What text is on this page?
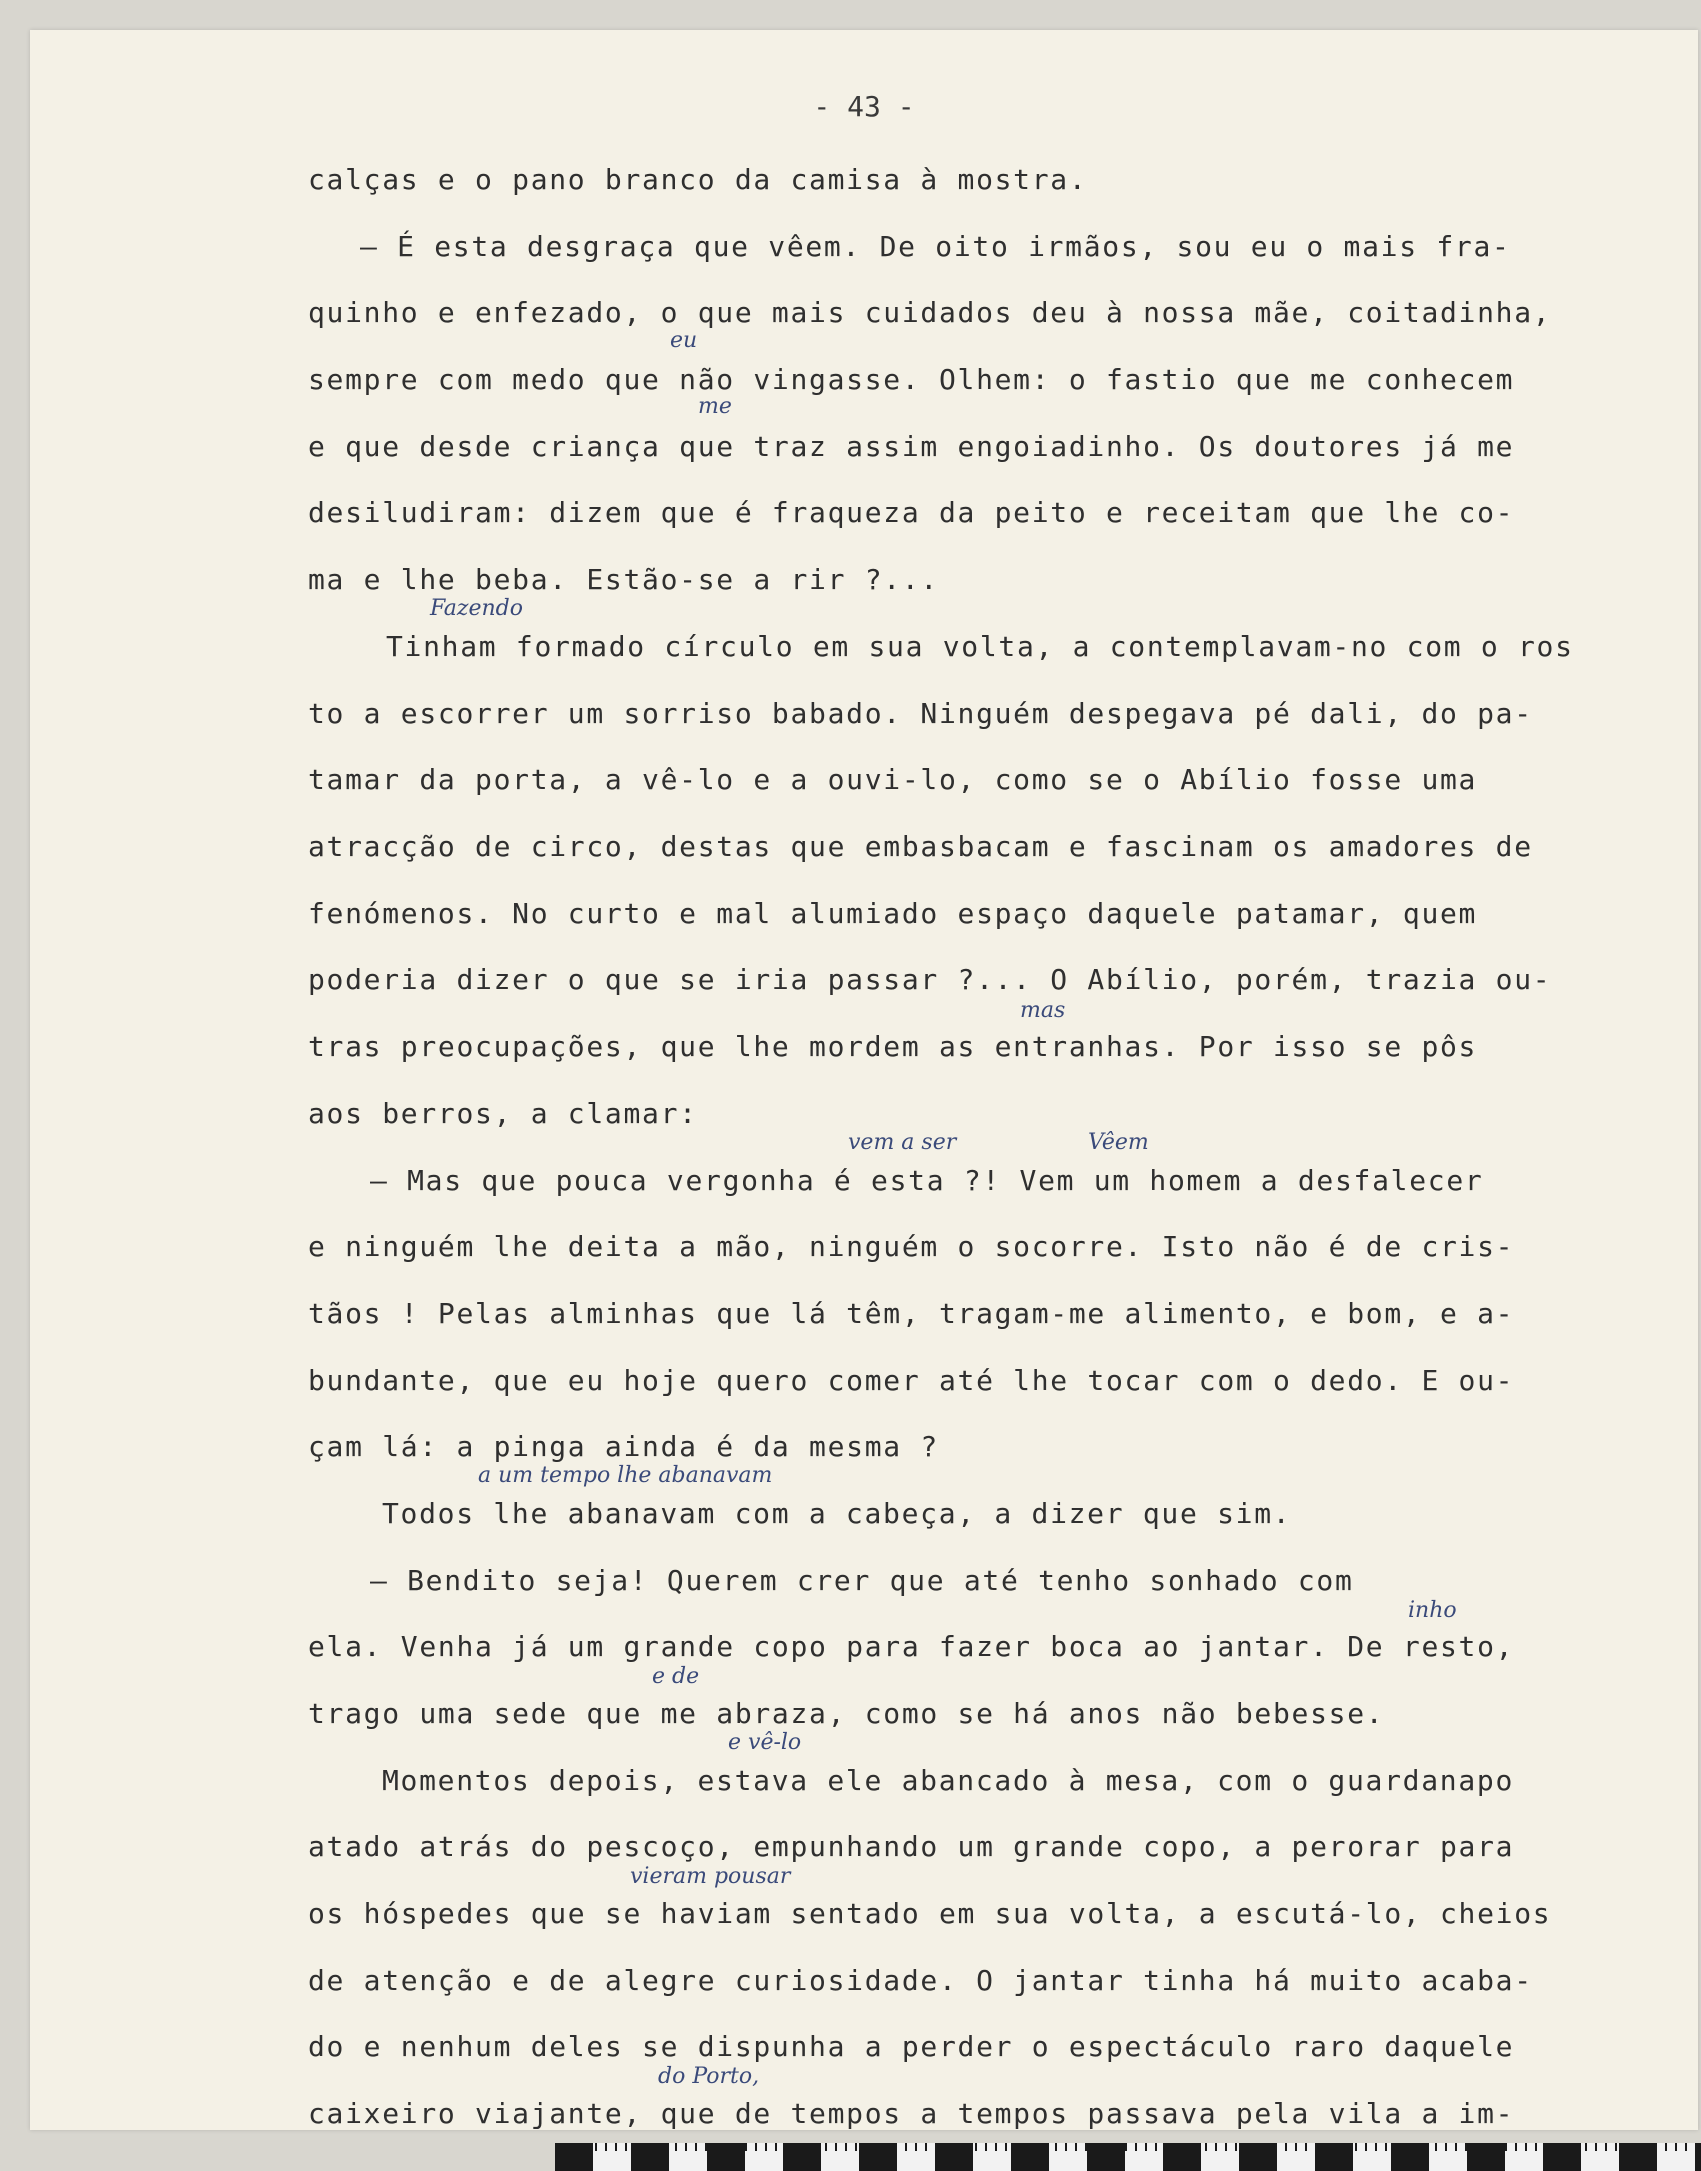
- 43 -
calças e o pano branco da camisa à mostra.
— É esta desgraça que vêem. De oito irmãos, sou eu o mais fra-
quinho e enfezado, o que mais cuidados deu à nossa mãe, coitadinha,
sempre com medo que não vingasse. Olhem: o fastio que me conhecem
e que desde criança que traz assim engoiadinho. Os doutores já me
desiludiram: dizem que é fraqueza da peito e receitam que lhe co-
ma e lhe beba. Estão-se a rir ?...
Tinham formado círculo em sua volta, a contemplavam-no com o ros
to a escorrer um sorriso babado. Ninguém despegava pé dali, do pa-
tamar da porta, a vê-lo e a ouvi-lo, como se o Abílio fosse uma
atracção de circo, destas que embasbacam e fascinam os amadores de
fenómenos. No curto e mal alumiado espaço daquele patamar, quem
poderia dizer o que se iria passar ?... O Abílio, porém, trazia ou-
tras preocupações, que lhe mordem as entranhas. Por isso se pôs
aos berros, a clamar:
— Mas que pouca vergonha é esta ?! Vem um homem a desfalecer
e ninguém lhe deita a mão, ninguém o socorre. Isto não é de cris-
tãos ! Pelas alminhas que lá têm, tragam-me alimento, e bom, e a-
bundante, que eu hoje quero comer até lhe tocar com o dedo. E ou-
çam lá: a pinga ainda é da mesma ?
Todos lhe abanavam com a cabeça, a dizer que sim.
— Bendito seja! Querem crer que até tenho sonhado com
ela. Venha já um grande copo para fazer boca ao jantar. De resto,
trago uma sede que me abraza, como se há anos não bebesse.
Momentos depois, estava ele abancado à mesa, com o guardanapo
atado atrás do pescoço, empunhando um grande copo, a perorar para
os hóspedes que se haviam sentado em sua volta, a escutá-lo, cheios
de atenção e de alegre curiosidade. O jantar tinha há muito acaba-
do e nenhum deles se dispunha a perder o espectáculo raro daquele
caixeiro viajante, que de tempos a tempos passava pela vila a im-
eu
me
Fazendo
mas
vem a ser	Vêem
a um tempo lhe abanavam
inho
e de
e vê-lo
vieram pousar
do Porto,
